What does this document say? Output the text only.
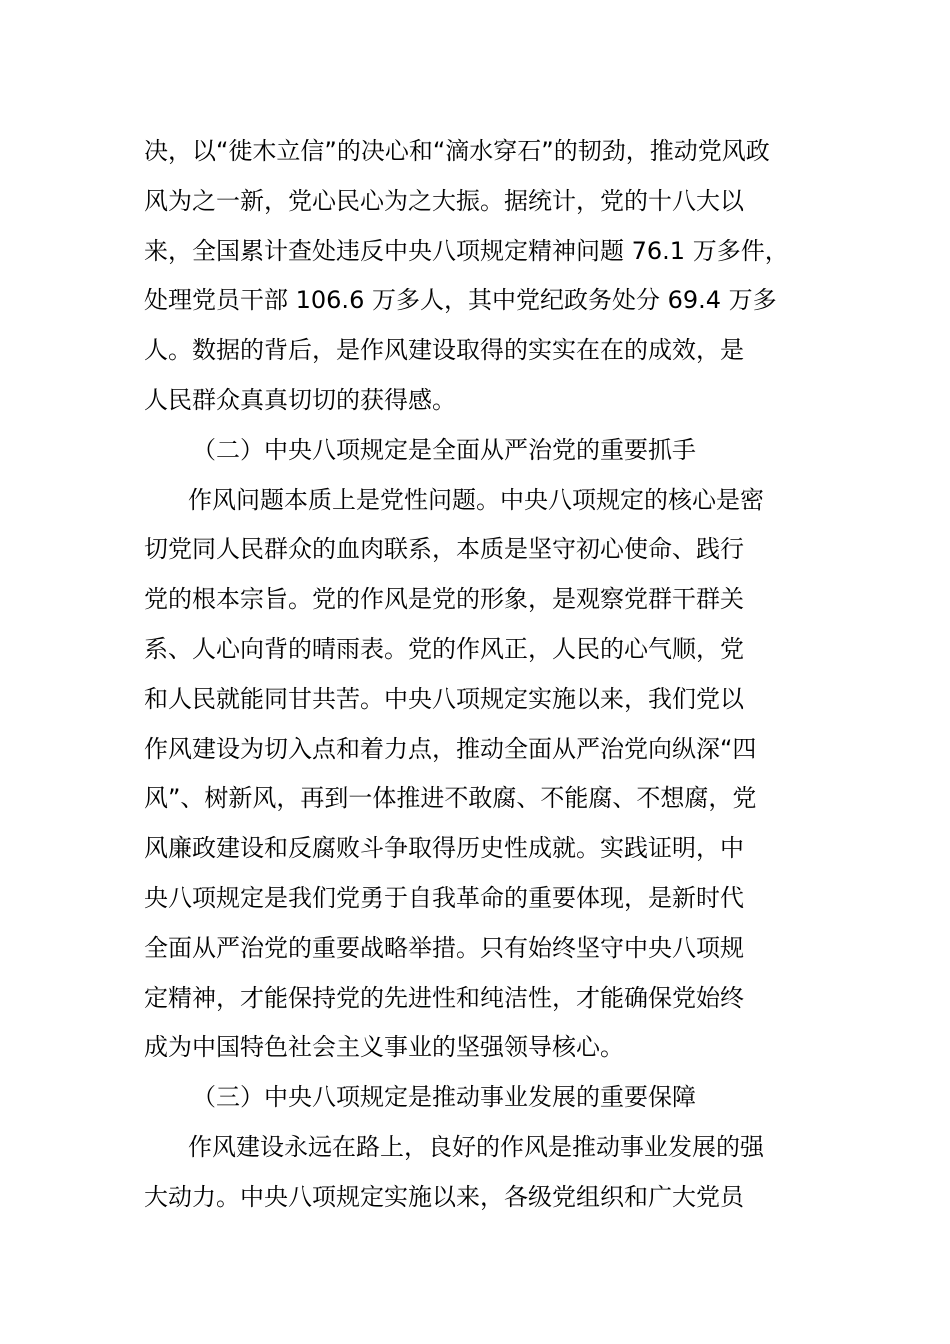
决，以“徙木立信”的决心和“滴水穿石”的韧劲，推动党风政
风为之一新，党心民心为之大振。据统计，党的十八大以
来，全国累计查处违反中央八项规定精神问题 76.1 万多件，
处理党员干部 106.6 万多人，其中党纪政务处分 69.4 万多
人。数据的背后，是作风建设取得的实实在在的成效，是
人民群众真真切切的获得感。
（二）中央八项规定是全面从严治党的重要抓手
作风问题本质上是党性问题。中央八项规定的核心是密
切党同人民群众的血肉联系，本质是坚守初心使命、践行
党的根本宗旨。党的作风是党的形象，是观察党群干群关
系、人心向背的晴雨表。党的作风正，人民的心气顺，党
和人民就能同甘共苦。中央八项规定实施以来，我们党以
作风建设为切入点和着力点，推动全面从严治党向纵深“四
风”、树新风，再到一体推进不敢腐、不能腐、不想腐，党
风廉政建设和反腐败斗争取得历史性成就。实践证明，中
央八项规定是我们党勇于自我革命的重要体现，是新时代
全面从严治党的重要战略举措。只有始终坚守中央八项规
定精神，才能保持党的先进性和纯洁性，才能确保党始终
成为中国特色社会主义事业的坚强领导核心。
（三）中央八项规定是推动事业发展的重要保障
作风建设永远在路上，良好的作风是推动事业发展的强
大动力。中央八项规定实施以来，各级党组织和广大党员
